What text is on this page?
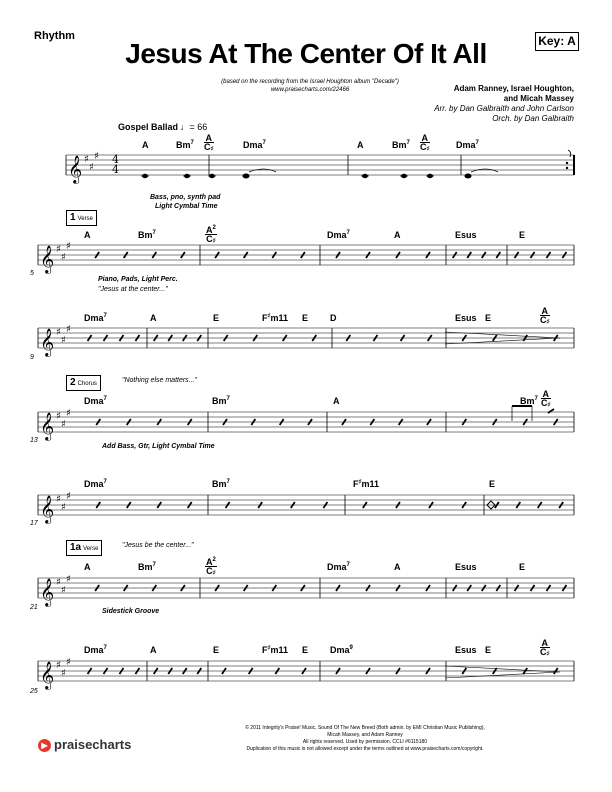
Rhythm	Key: A
Jesus At The Center Of It All
(based on the recording from the Israel Houghton album "Decade")
www.praisecharts.com/22466	Adam Ranney, Israel Houghton,
and Micah Massey
Arr. by Dan Galbraith and John Carlson
Orch. by Dan Galbraith
Gospel Ballad ♩= 66
𝄞 ♯
♯
♯
𝄞 ♯
♯
♯
𝄞 ♯
♯
♯
𝄞 ♯
♯
♯
𝄞 ♯
♯
♯
𝄞 ♯
♯
♯
𝄞 ♯
♯
♯
4
4
1 Verse
2 Chorus
1a Verse
5
9
13
17
21
25
Bass, pno, synth pad
Light Cymbal Time
Piano, Pads, Light Perc.
"Jesus at the center..."
"Nothing else matters..."
Add Bass, Gtr, Light Cymbal Time
"Jesus be the center..."
Sidestick Groove
A	$Bm^7 \frac{A}{C♯}$	Dma$^7$	A	$Bm^7 \frac{A}{C♯}$	Dma$^7$
A	Bm$^7$	$\frac{A^2}{C♯}$	Dma$^7$	A	Esus	E
Dma$^7$	A	E	F♯m11 E D	Esus E	$\frac{A}{C♯}$
Dma$^7$	Bm$^7$	A	$Bm^7 \frac{A}{C♯}$
Dma$^7$	Bm$^7$	F♯m11	E
A	Bm$^7$	$\frac{A^2}{C♯}$	Dma$^7$	A	Esus	E
Dma$^7$	A	E	F♯m11 E Dma$^9$	Esus E	$\frac{A}{C♯}$
© 2011 Integrity's Praise! Music, Sound Of The New Breed (Both admin. by EMI Christian Music Publishing),
Micah Massey, and Adam Ranney
All rights reserved. Used by permission. CCLI #6115180
Duplication of this music is not allowed except under the terms outlined at www.praisecharts.com/copyright.
▶ praisecharts
